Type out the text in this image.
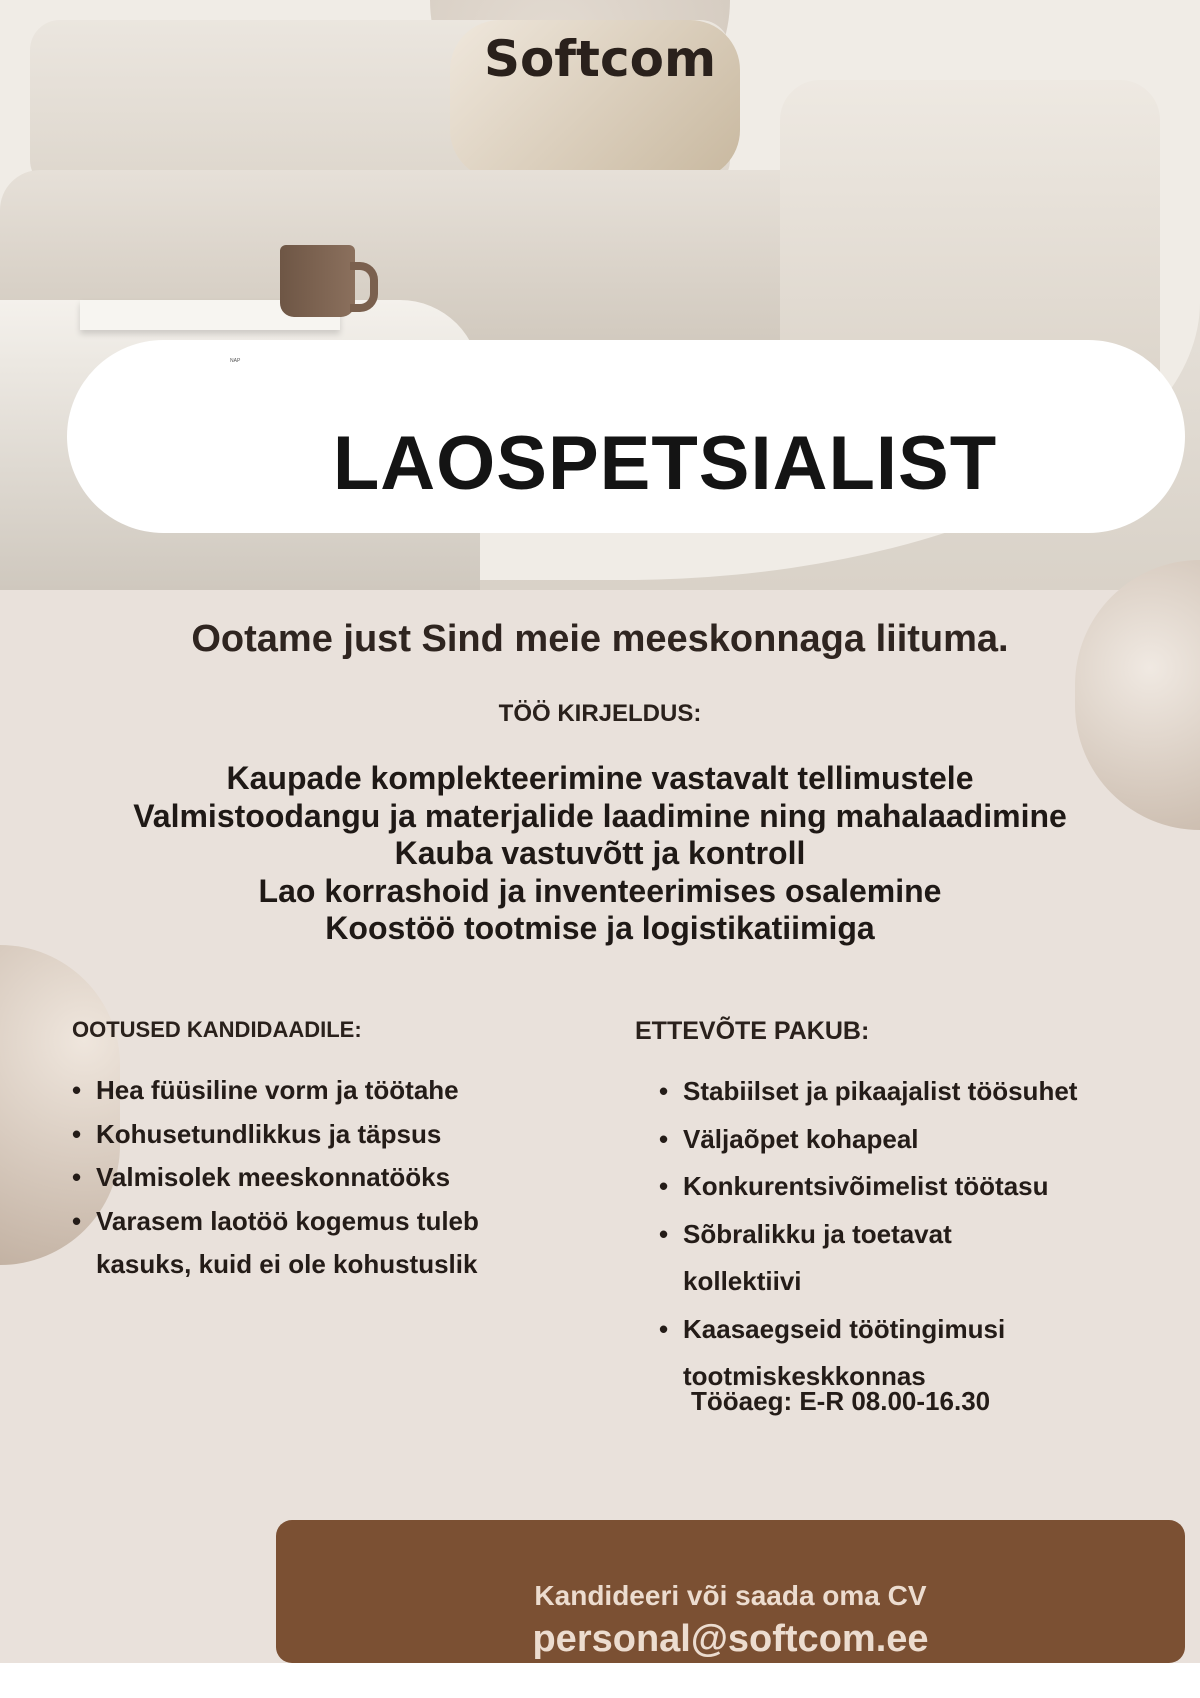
Softcom
NAP
LAOSPETSIALIST
Ootame just Sind meie meeskonnaga liituma.
TÖÖ KIRJELDUS:
Kaupade komplekteerimine vastavalt tellimustele
Valmistoodangu ja materjalide laadimine ning mahalaadimine
Kauba vastuvõtt ja kontroll
Lao korrashoid ja inventeerimises osalemine
Koostöö tootmise ja logistikatiimiga
OOTUSED KANDIDAADILE:
• Hea füüsiline vorm ja töötahe
• Kohusetundlikkus ja täpsus
• Valmisolek meeskonnatööks
• Varasem laotöö kogemus tuleb kasuks, kuid ei ole kohustuslik
ETTEVÕTE PAKUB:
• Stabiilset ja pikaajalist töösuhet
• Väljaõpet kohapeal
• Konkurentsivõimelist töötasu
• Sõbralikku ja toetavat kollektiivi
• Kaasaegseid töötingimusi tootmiskeskkonnas
Tööaeg: E-R 08.00-16.30
Kandideeri või saada oma CV
personal@softcom.ee
